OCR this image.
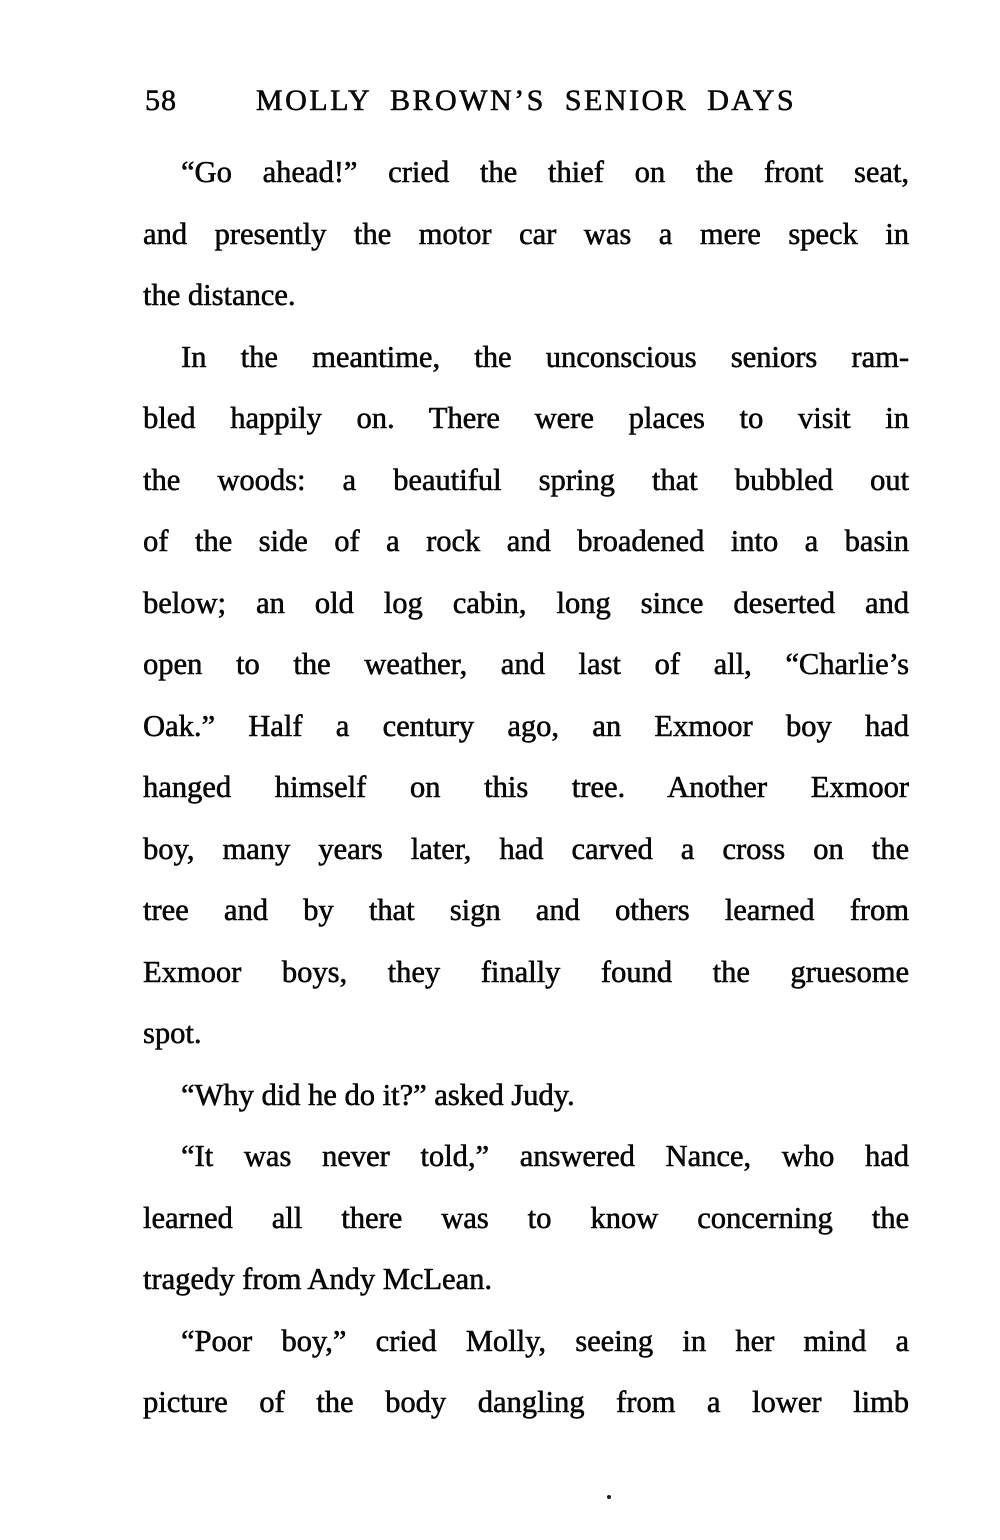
58	MOLLY BROWN’S SENIOR DAYS
“Go ahead!” cried the thief on the front seat,
and presently the motor car was a mere speck in
the distance.
In the meantime, the unconscious seniors ram-
bled happily on. There were places to visit in
the woods: a beautiful spring that bubbled out
of the side of a rock and broadened into a basin
below; an old log cabin, long since deserted and
open to the weather, and last of all, “Charlie’s
Oak.” Half a century ago, an Exmoor boy had
hanged himself on this tree. Another Exmoor
boy, many years later, had carved a cross on the
tree and by that sign and others learned from
Exmoor boys, they finally found the gruesome
spot.
“Why did he do it?” asked Judy.
“It was never told,” answered Nance, who had
learned all there was to know concerning the
tragedy from Andy McLean.
“Poor boy,” cried Molly, seeing in her mind a
picture of the body dangling from a lower limb
